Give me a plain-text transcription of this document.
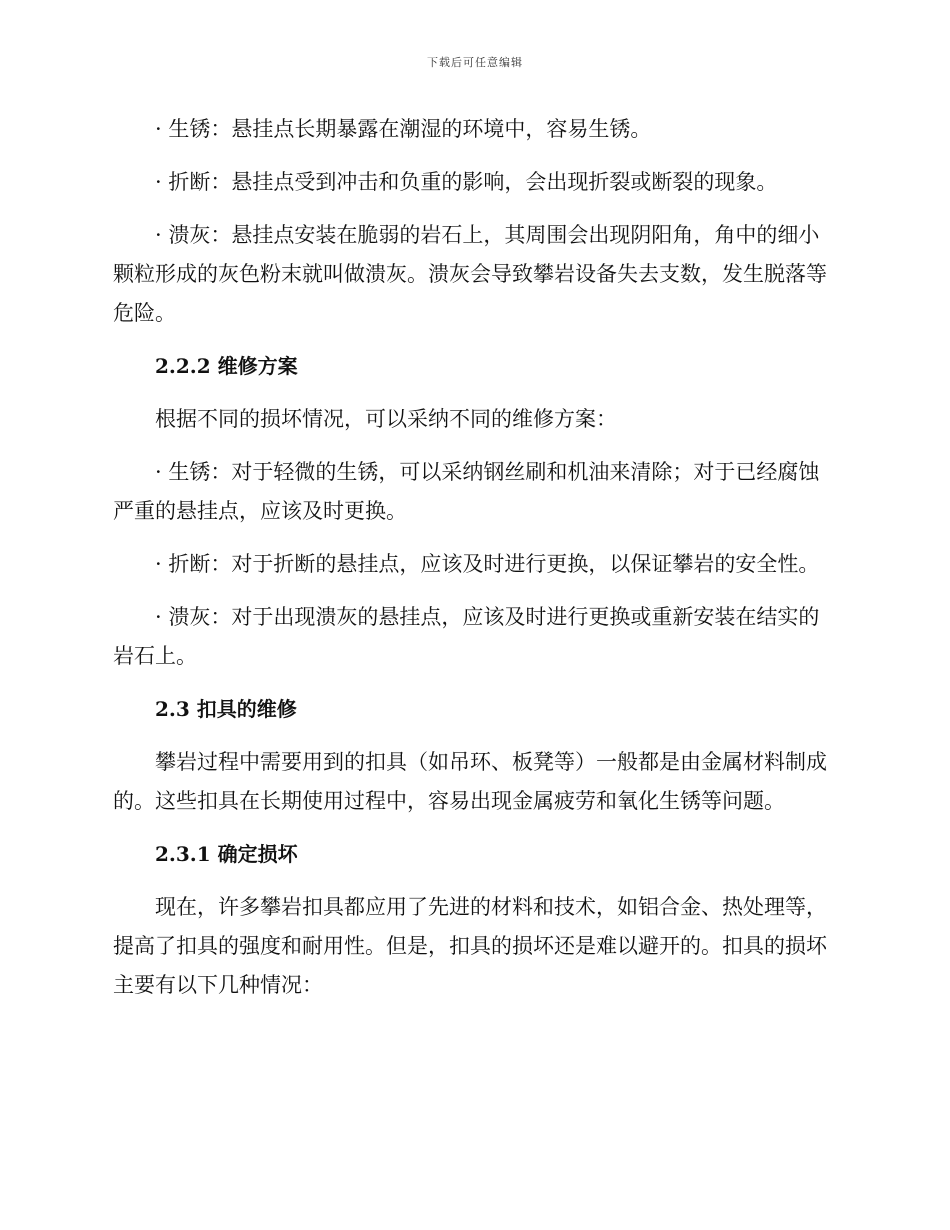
下载后可任意编辑

· 生锈：悬挂点长期暴露在潮湿的环境中，容易生锈。

· 折断：悬挂点受到冲击和负重的影响，会出现折裂或断裂的现象。

· 溃灰：悬挂点安装在脆弱的岩石上，其周围会出现阴阳角，角中的细小颗粒形成的灰色粉末就叫做溃灰。溃灰会导致攀岩设备失去支数，发生脱落等危险。

2.2.2 维修方案

根据不同的损坏情况，可以采纳不同的维修方案：

· 生锈：对于轻微的生锈，可以采纳钢丝刷和机油来清除；对于已经腐蚀严重的悬挂点，应该及时更换。

· 折断：对于折断的悬挂点，应该及时进行更换，以保证攀岩的安全性。

· 溃灰：对于出现溃灰的悬挂点，应该及时进行更换或重新安装在结实的岩石上。

2.3 扣具的维修

攀岩过程中需要用到的扣具（如吊环、板凳等）一般都是由金属材料制成的。这些扣具在长期使用过程中，容易出现金属疲劳和氧化生锈等问题。

2.3.1 确定损坏

现在，许多攀岩扣具都应用了先进的材料和技术，如铝合金、热处理等，提高了扣具的强度和耐用性。但是，扣具的损坏还是难以避开的。扣具的损坏主要有以下几种情况：
